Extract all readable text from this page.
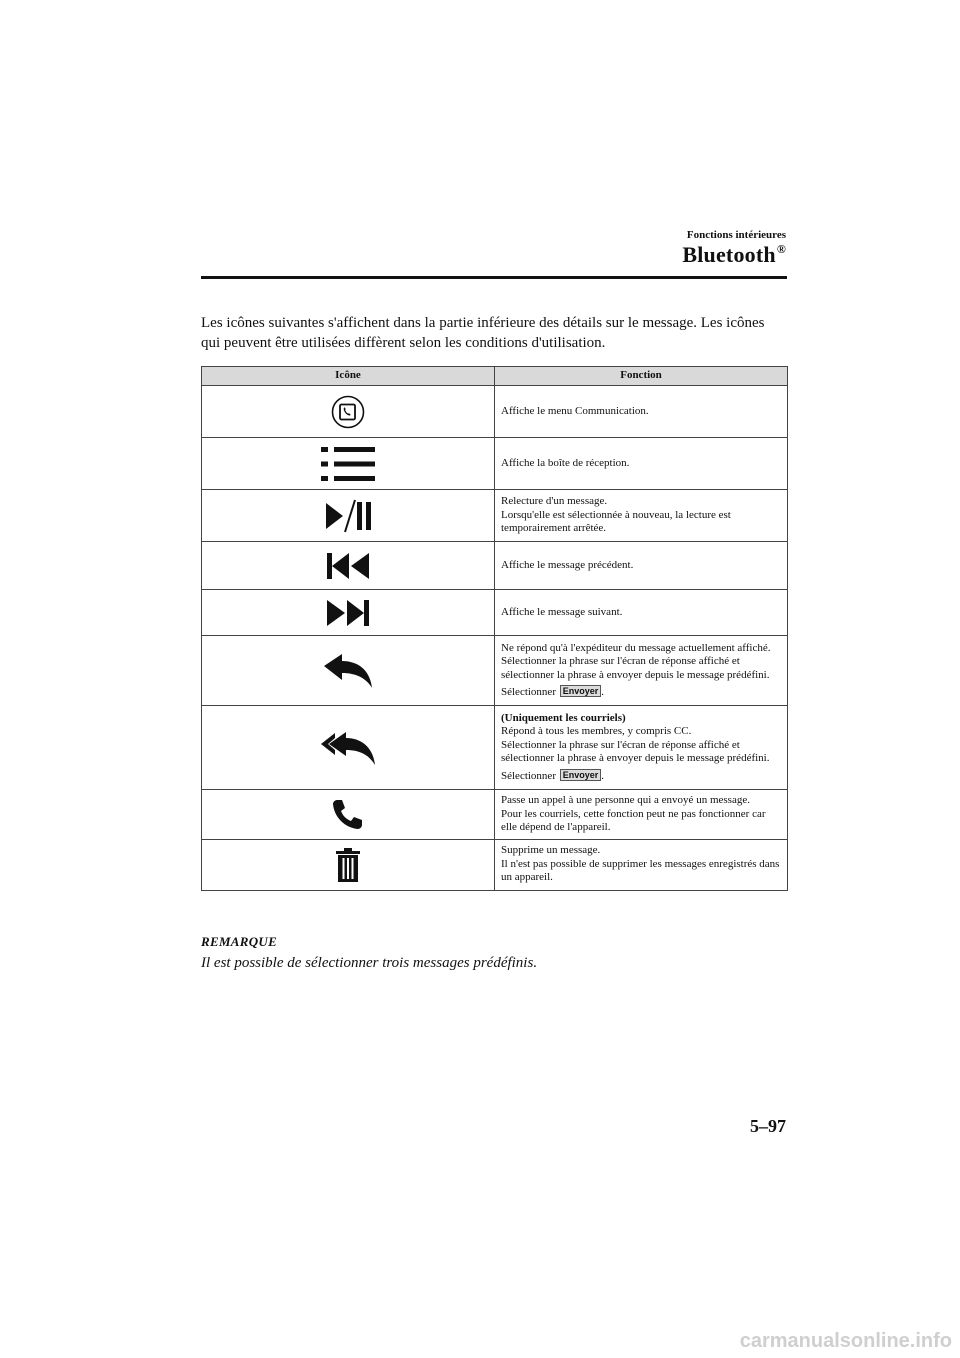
Fonctions intérieures
Bluetooth®
Les icônes suivantes s'affichent dans la partie inférieure des détails sur le message. Les icônes qui peuvent être utilisées diffèrent selon les conditions d'utilisation.
Icône	Fonction

Affiche le menu Communication.

Affiche la boîte de réception.

Relecture d'un message.
Lorsqu'elle est sélectionnée à nouveau, la lecture est temporairement arrêtée.

Affiche le message précédent.

Affiche le message suivant.

Ne répond qu'à l'expéditeur du message actuellement affiché.
Sélectionner la phrase sur l'écran de réponse affiché et sélectionner la phrase à envoyer depuis le message prédéfini.
Sélectionner Envoyer .

(Uniquement les courriels)
Répond à tous les membres, y compris CC.
Sélectionner la phrase sur l'écran de réponse affiché et sélectionner la phrase à envoyer depuis le message prédéfini.
Sélectionner Envoyer .

Passe un appel à une personne qui a envoyé un message.
Pour les courriels, cette fonction peut ne pas fonctionner car elle dépend de l'appareil.

Supprime un message.
Il n'est pas possible de supprimer les messages enregistrés dans un appareil.
REMARQUE
Il est possible de sélectionner trois messages prédéfinis.
5–97
carmanualsonline.info
